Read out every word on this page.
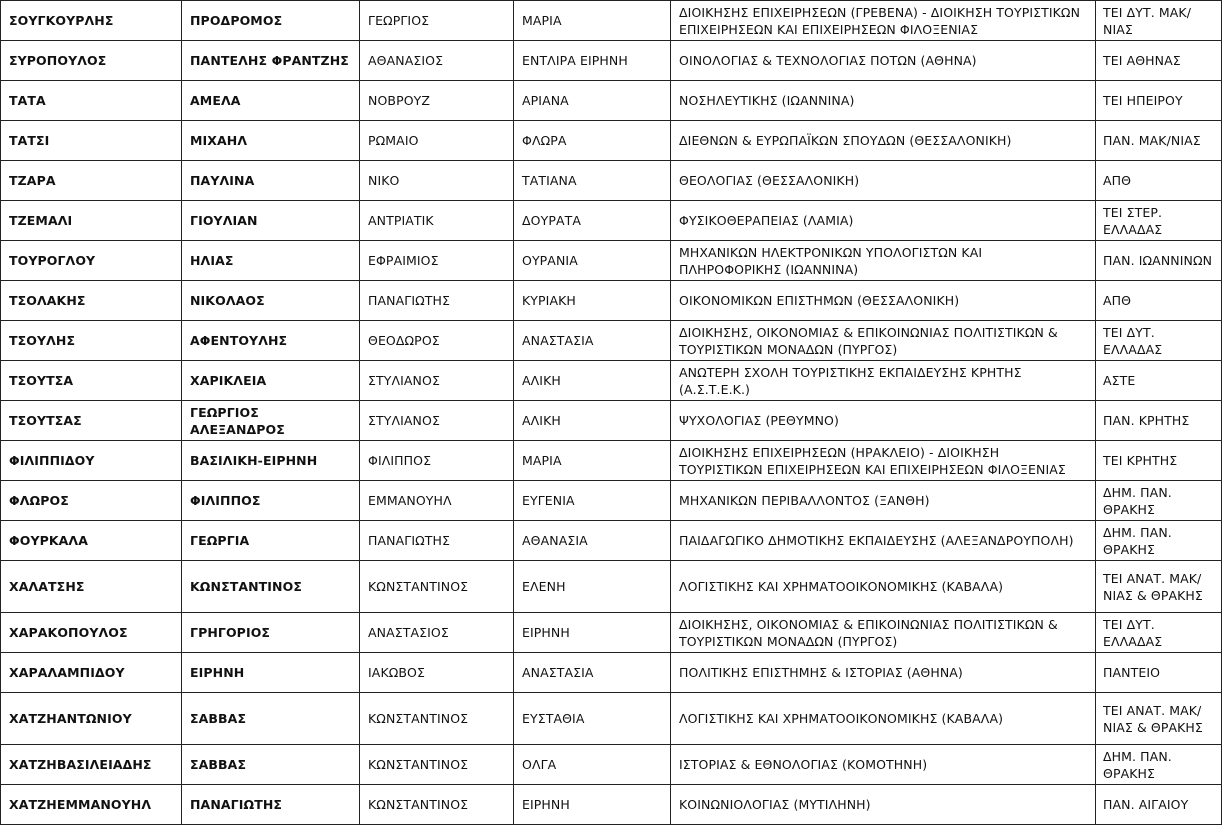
ΣΟΥΓΚΟΥΡΛΗΣ	ΠΡΟΔΡΟΜΟΣ	ΓΕΩΡΓΙΟΣ	ΜΑΡΙΑ	ΔΙΟΙΚΗΣΗΣ ΕΠΙΧΕΙΡΗΣΕΩΝ (ΓΡΕΒΕΝΑ) - ΔΙΟΙΚΗΣΗ ΤΟΥΡΙΣΤΙΚΩΝ ΕΠΙΧΕΙΡΗΣΕΩΝ ΚΑΙ ΕΠΙΧΕΙΡΗΣΕΩΝ ΦΙΛΟΞΕΝΙΑΣ	ΤΕΙ ΔΥΤ. ΜΑΚ/ΝΙΑΣ
ΣΥΡΟΠΟΥΛΟΣ	ΠΑΝΤΕΛΗΣ ΦΡΑΝΤΖΗΣ	ΑΘΑΝΑΣΙΟΣ	ΕΝΤΛΙΡΑ ΕΙΡΗΝΗ	ΟΙΝΟΛΟΓΙΑΣ & ΤΕΧΝΟΛΟΓΙΑΣ ΠΟΤΩΝ (ΑΘΗΝΑ)	ΤΕΙ ΑΘΗΝΑΣ
ΤΑΤΑ	ΑΜΕΛΑ	ΝΟΒΡΟΥΖ	ΑΡΙΑΝΑ	ΝΟΣΗΛΕΥΤΙΚΗΣ (ΙΩΑΝΝΙΝΑ)	ΤΕΙ ΗΠΕΙΡΟΥ
ΤΑΤΣΙ	ΜΙΧΑΗΛ	ΡΩΜΑΙΟ	ΦΛΩΡΑ	ΔΙΕΘΝΩΝ & ΕΥΡΩΠΑΪΚΩΝ ΣΠΟΥΔΩΝ (ΘΕΣΣΑΛΟΝΙΚΗ)	ΠΑΝ. ΜΑΚ/ΝΙΑΣ
ΤΖΑΡΑ	ΠΑΥΛΙΝΑ	ΝΙΚΟ	ΤΑΤΙΑΝΑ	ΘΕΟΛΟΓΙΑΣ (ΘΕΣΣΑΛΟΝΙΚΗ)	ΑΠΘ
ΤΖΕΜΑΛΙ	ΓΙΟΥΛΙΑΝ	ΑΝΤΡΙΑΤΙΚ	ΔΟΥΡΑΤΑ	ΦΥΣΙΚΟΘΕΡΑΠΕΙΑΣ (ΛΑΜΙΑ)	ΤΕΙ ΣΤΕΡ. ΕΛΛΑΔΑΣ
ΤΟΥΡΟΓΛΟΥ	ΗΛΙΑΣ	ΕΦΡΑΙΜΙΟΣ	ΟΥΡΑΝΙΑ	ΜΗΧΑΝΙΚΩΝ ΗΛΕΚΤΡΟΝΙΚΩΝ ΥΠΟΛΟΓΙΣΤΩΝ ΚΑΙ ΠΛΗΡΟΦΟΡΙΚΗΣ (ΙΩΑΝΝΙΝΑ)	ΠΑΝ. ΙΩΑΝΝΙΝΩΝ
ΤΣΟΛΑΚΗΣ	ΝΙΚΟΛΑΟΣ	ΠΑΝΑΓΙΩΤΗΣ	ΚΥΡΙΑΚΗ	ΟΙΚΟΝΟΜΙΚΩΝ ΕΠΙΣΤΗΜΩΝ (ΘΕΣΣΑΛΟΝΙΚΗ)	ΑΠΘ
ΤΣΟΥΛΗΣ	ΑΦΕΝΤΟΥΛΗΣ	ΘΕΟΔΩΡΟΣ	ΑΝΑΣΤΑΣΙΑ	ΔΙΟΙΚΗΣΗΣ, ΟΙΚΟΝΟΜΙΑΣ & ΕΠΙΚΟΙΝΩΝΙΑΣ ΠΟΛΙΤΙΣΤΙΚΩΝ & ΤΟΥΡΙΣΤΙΚΩΝ ΜΟΝΑΔΩΝ (ΠΥΡΓΟΣ)	ΤΕΙ ΔΥΤ. ΕΛΛΑΔΑΣ
ΤΣΟΥΤΣΑ	ΧΑΡΙΚΛΕΙΑ	ΣΤΥΛΙΑΝΟΣ	ΑΛΙΚΗ	ΑΝΩΤΕΡΗ ΣΧΟΛΗ ΤΟΥΡΙΣΤΙΚΗΣ ΕΚΠΑΙΔΕΥΣΗΣ ΚΡΗΤΗΣ (Α.Σ.Τ.Ε.Κ.)	ΑΣΤΕ
ΤΣΟΥΤΣΑΣ	ΓΕΩΡΓΙΟΣ ΑΛΕΞΑΝΔΡΟΣ	ΣΤΥΛΙΑΝΟΣ	ΑΛΙΚΗ	ΨΥΧΟΛΟΓΙΑΣ (ΡΕΘΥΜΝΟ)	ΠΑΝ. ΚΡΗΤΗΣ
ΦΙΛΙΠΠΙΔΟΥ	ΒΑΣΙΛΙΚΗ-ΕΙΡΗΝΗ	ΦΙΛΙΠΠΟΣ	ΜΑΡΙΑ	ΔΙΟΙΚΗΣΗΣ ΕΠΙΧΕΙΡΗΣΕΩΝ (ΗΡΑΚΛΕΙΟ) - ΔΙΟΙΚΗΣΗ ΤΟΥΡΙΣΤΙΚΩΝ ΕΠΙΧΕΙΡΗΣΕΩΝ ΚΑΙ ΕΠΙΧΕΙΡΗΣΕΩΝ ΦΙΛΟΞΕΝΙΑΣ	ΤΕΙ ΚΡΗΤΗΣ
ΦΛΩΡΟΣ	ΦΙΛΙΠΠΟΣ	ΕΜΜΑΝΟΥΗΛ	ΕΥΓΕΝΙΑ	ΜΗΧΑΝΙΚΩΝ ΠΕΡΙΒΑΛΛΟΝΤΟΣ (ΞΑΝΘΗ)	ΔΗΜ. ΠΑΝ. ΘΡΑΚΗΣ
ΦΟΥΡΚΑΛΑ	ΓΕΩΡΓΙΑ	ΠΑΝΑΓΙΩΤΗΣ	ΑΘΑΝΑΣΙΑ	ΠΑΙΔΑΓΩΓΙΚΟ ΔΗΜΟΤΙΚΗΣ ΕΚΠΑΙΔΕΥΣΗΣ (ΑΛΕΞΑΝΔΡΟΥΠΟΛΗ)	ΔΗΜ. ΠΑΝ. ΘΡΑΚΗΣ
ΧΑΛΑΤΣΗΣ	ΚΩΝΣΤΑΝΤΙΝΟΣ	ΚΩΝΣΤΑΝΤΙΝΟΣ	ΕΛΕΝΗ	ΛΟΓΙΣΤΙΚΗΣ ΚΑΙ ΧΡΗΜΑΤΟΟΙΚΟΝΟΜΙΚΗΣ (ΚΑΒΑΛΑ)	ΤΕΙ ΑΝΑΤ. ΜΑΚ/ΝΙΑΣ & ΘΡΑΚΗΣ
ΧΑΡΑΚΟΠΟΥΛΟΣ	ΓΡΗΓΟΡΙΟΣ	ΑΝΑΣΤΑΣΙΟΣ	ΕΙΡΗΝΗ	ΔΙΟΙΚΗΣΗΣ, ΟΙΚΟΝΟΜΙΑΣ & ΕΠΙΚΟΙΝΩΝΙΑΣ ΠΟΛΙΤΙΣΤΙΚΩΝ & ΤΟΥΡΙΣΤΙΚΩΝ ΜΟΝΑΔΩΝ (ΠΥΡΓΟΣ)	ΤΕΙ ΔΥΤ. ΕΛΛΑΔΑΣ
ΧΑΡΑΛΑΜΠΙΔΟΥ	ΕΙΡΗΝΗ	ΙΑΚΩΒΟΣ	ΑΝΑΣΤΑΣΙΑ	ΠΟΛΙΤΙΚΗΣ ΕΠΙΣΤΗΜΗΣ & ΙΣΤΟΡΙΑΣ (ΑΘΗΝΑ)	ΠΑΝΤΕΙΟ
ΧΑΤΖΗΑΝΤΩΝΙΟΥ	ΣΑΒΒΑΣ	ΚΩΝΣΤΑΝΤΙΝΟΣ	ΕΥΣΤΑΘΙΑ	ΛΟΓΙΣΤΙΚΗΣ ΚΑΙ ΧΡΗΜΑΤΟΟΙΚΟΝΟΜΙΚΗΣ (ΚΑΒΑΛΑ)	ΤΕΙ ΑΝΑΤ. ΜΑΚ/ΝΙΑΣ & ΘΡΑΚΗΣ
ΧΑΤΖΗΒΑΣΙΛΕΙΑΔΗΣ	ΣΑΒΒΑΣ	ΚΩΝΣΤΑΝΤΙΝΟΣ	ΟΛΓΑ	ΙΣΤΟΡΙΑΣ & ΕΘΝΟΛΟΓΙΑΣ (ΚΟΜΟΤΗΝΗ)	ΔΗΜ. ΠΑΝ. ΘΡΑΚΗΣ
ΧΑΤΖΗΕΜΜΑΝΟΥΗΛ	ΠΑΝΑΓΙΩΤΗΣ	ΚΩΝΣΤΑΝΤΙΝΟΣ	ΕΙΡΗΝΗ	ΚΟΙΝΩΝΙΟΛΟΓΙΑΣ (ΜΥΤΙΛΗΝΗ)	ΠΑΝ. ΑΙΓΑΙΟΥ
